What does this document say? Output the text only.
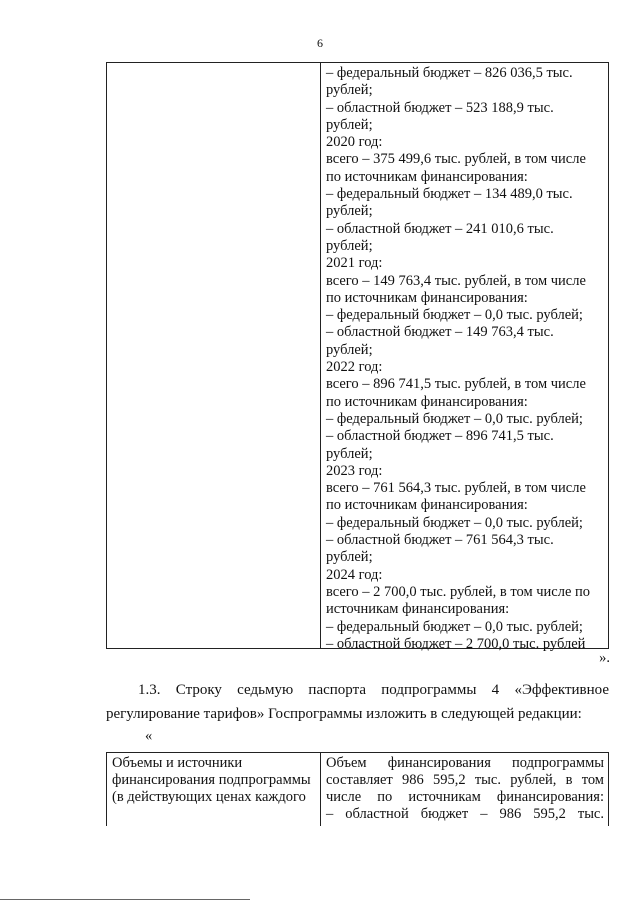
6
– федеральный бюджет – 826 036,5 тыс.
рублей;
– областной бюджет – 523 188,9 тыс.
рублей;
2020 год:
всего – 375 499,6 тыс. рублей, в том числе
по источникам финансирования:
– федеральный бюджет – 134 489,0 тыс.
рублей;
– областной бюджет – 241 010,6 тыс.
рублей;
2021 год:
всего – 149 763,4 тыс. рублей, в том числе
по источникам финансирования:
– федеральный бюджет – 0,0 тыс. рублей;
– областной бюджет – 149 763,4 тыс.
рублей;
2022 год:
всего – 896 741,5 тыс. рублей, в том числе
по источникам финансирования:
– федеральный бюджет – 0,0 тыс. рублей;
– областной бюджет – 896 741,5 тыс.
рублей;
2023 год:
всего – 761 564,3 тыс. рублей, в том числе
по источникам финансирования:
– федеральный бюджет – 0,0 тыс. рублей;
– областной бюджет – 761 564,3 тыс.
рублей;
2024 год:
всего – 2 700,0 тыс. рублей, в том числе по
источникам финансирования:
– федеральный бюджет – 0,0 тыс. рублей;
– областной бюджет – 2 700,0 тыс. рублей
».
1.3. Строку седьмую паспорта подпрограммы 4 «Эффективное
регулирование тарифов» Госпрограммы изложить в следующей редакции:
«
Объемы и источники финансирования подпрограммы (в действующих ценах каждого
Объем финансирования подпрограммы составляет 986 595,2 тыс. рублей, в том числе по источникам финансирования:
– областной бюджет – 986 595,2 тыс.
